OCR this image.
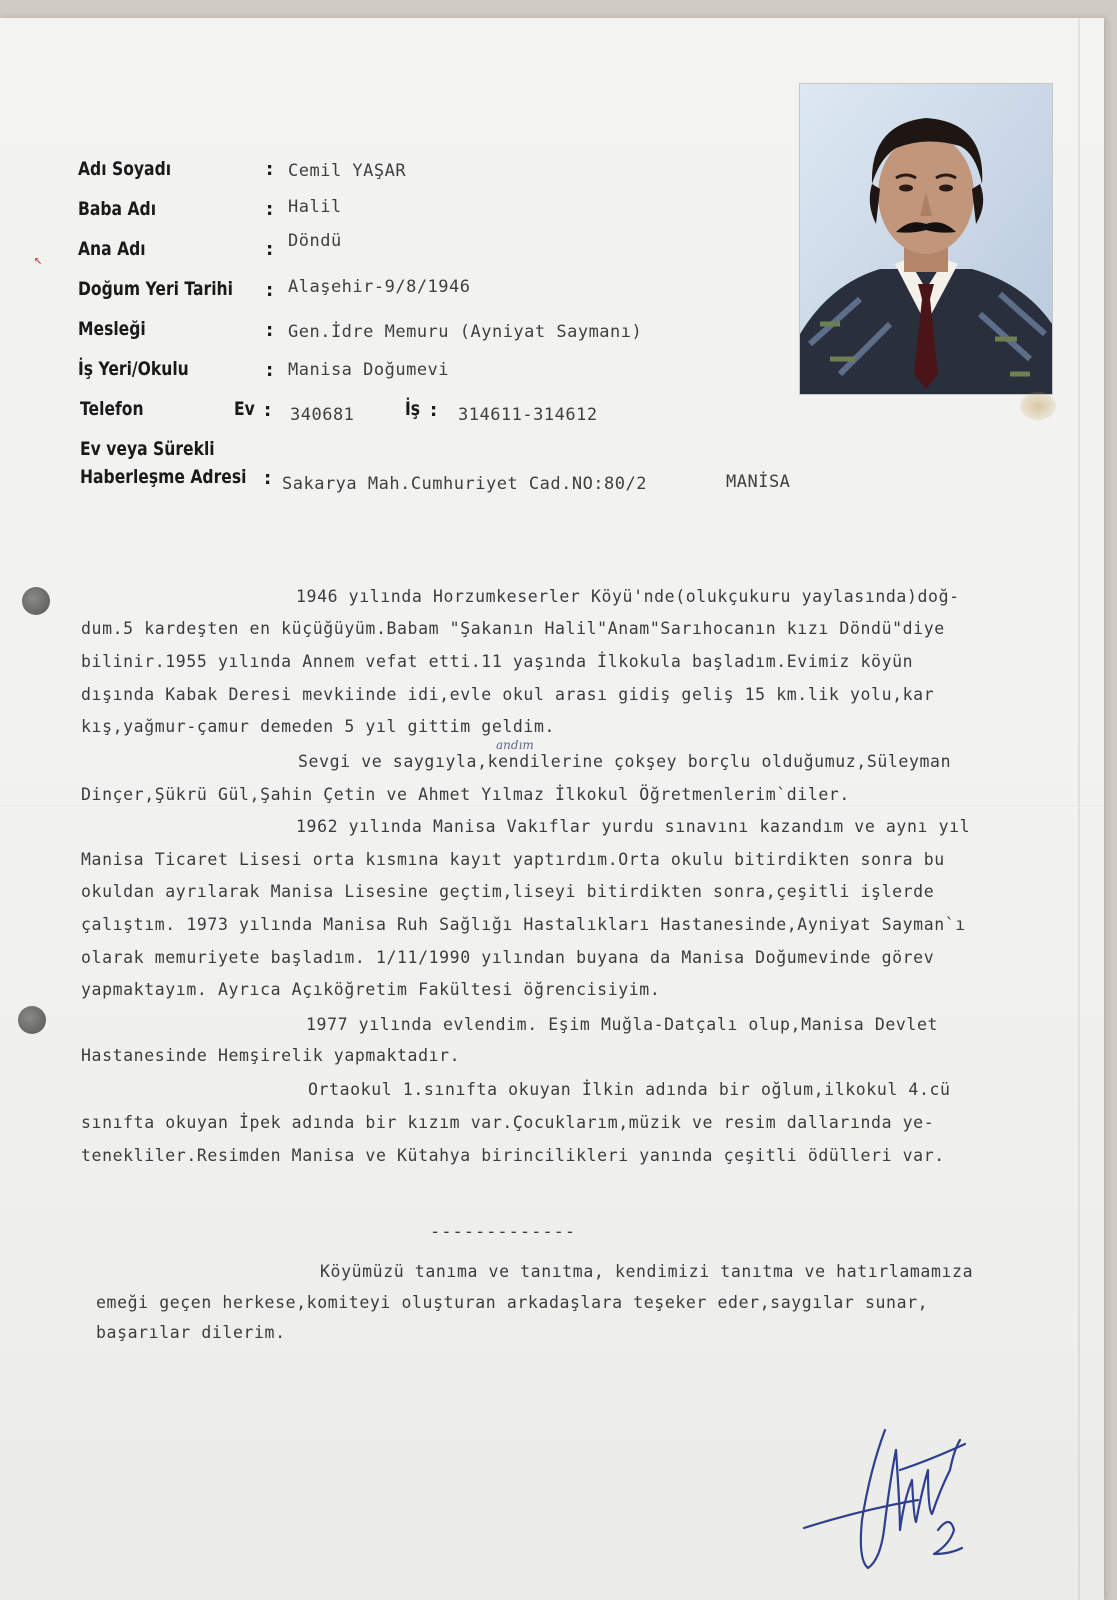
↖
Adı Soyadı	: Cemil YAŞAR
Baba Adı	: Halil
Ana Adı	: Döndü
Doğum Yeri Tarihi : Alaşehir-9/8/1946
Mesleği	: Gen.İdre Memuru (Ayniyat Saymanı)
İş Yeri/Okulu	: Manisa Doğumevi
Telefon	Ev : 340681	İş : 314611-314612
Ev veya Sürekli
Haberleşme Adresi : Sakarya Mah.Cumhuriyet Cad.NO:80/2	MANİSA
1946 yılında Horzumkeserler Köyü'nde(olukçukuru yaylasında)doğ-
dum.5 kardeşten en küçüğüyüm.Babam "Şakanın Halil"Anam"Sarıhocanın kızı Döndü"diye
bilinir.1955 yılında Annem vefat etti.11 yaşında İlkokula başladım.Evimiz köyün
dışında Kabak Deresi mevkiinde idi,evle okul arası gidiş geliş 15 km.lik yolu,kar
kış,yağmur-çamur demeden 5 yıl gittim geldim.
andım
Sevgi ve saygıyla,kendilerine çokşey borçlu olduğumuz,Süleyman
Dinçer,Şükrü Gül,Şahin Çetin ve Ahmet Yılmaz İlkokul Öğretmenlerim`diler.
1962 yılında Manisa Vakıflar yurdu sınavını kazandım ve aynı yıl
Manisa Ticaret Lisesi orta kısmına kayıt yaptırdım.Orta okulu bitirdikten sonra bu
okuldan ayrılarak Manisa Lisesine geçtim,liseyi bitirdikten sonra,çeşitli işlerde
çalıştım. 1973 yılında Manisa Ruh Sağlığı Hastalıkları Hastanesinde,Ayniyat Sayman`ı
olarak memuriyete başladım. 1/11/1990 yılından buyana da Manisa Doğumevinde görev
yapmaktayım. Ayrıca Açıköğretim Fakültesi öğrencisiyim.
1977 yılında evlendim. Eşim Muğla-Datçalı olup,Manisa Devlet
Hastanesinde Hemşirelik yapmaktadır.
Ortaokul 1.sınıfta okuyan İlkin adında bir oğlum,ilkokul 4.cü
sınıfta okuyan İpek adında bir kızım var.Çocuklarım,müzik ve resim dallarında ye-
tenekliler.Resimden Manisa ve Kütahya birincilikleri yanında çeşitli ödülleri var.
-------------
Köyümüzü tanıma ve tanıtma, kendimizi tanıtma ve hatırlamamıza
emeği geçen herkese,komiteyi oluşturan arkadaşlara teşeker eder,saygılar sunar,
başarılar dilerim.
